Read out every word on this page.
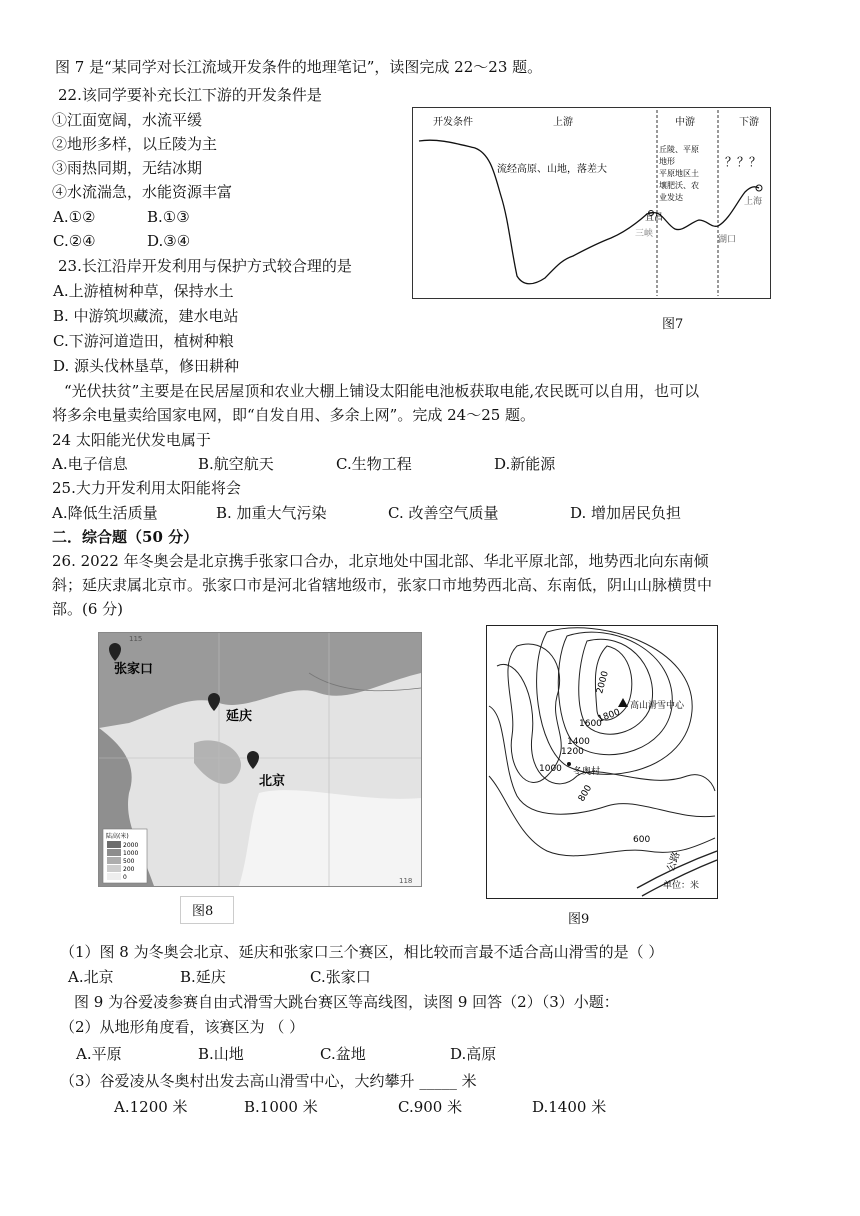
图 7 是“某同学对长江流域开发条件的地理笔记”，读图完成 22～23 题。
22.该同学要补充长江下游的开发条件是
①江面宽阔，水流平缓
②地形多样，以丘陵为主
③雨热同期，无结冰期
④水流湍急，水能资源丰富
A.①②	B.①③
C.②④	D.③④
23.长江沿岸开发利用与保护方式较合理的是
A.上游植树种草，保持水土
B. 中游筑坝藏流，建水电站
C.下游河道造田，植树种粮
D. 源头伐林垦草，修田耕种
开发条件	上游	中游	下游
流经高原、山地，落差大
丘陵、平原
地形
平原地区土
壤肥沃、农
业发达
？？？
宜昌
三峡
湖口
上海
图7
“光伏扶贫”主要是在民居屋顶和农业大棚上铺设太阳能电池板获取电能,农民既可以自用，也可以
将多余电量卖给国家电网，即“自发自用、多余上网”。完成 24～25 题。
24 太阳能光伏发电属于
A.电子信息	B.航空航天	C.生物工程	D.新能源
25.大力开发利用太阳能将会
A.降低生活质量	B. 加重大气污染	C. 改善空气质量	D. 增加居民负担
二．综合题（50 分）
26. 2022 年冬奥会是北京携手张家口合办，北京地处中国北部、华北平原北部，地势西北向东南倾
斜；延庆隶属北京市。张家口市是河北省辖地级市，张家口市地势西北高、东南低，阴山山脉横贯中
部。(6 分)
张家口
延庆
北京
115
118
陆高(米)
2000
1000
500
200
0
图8
高山滑雪中心
冬奥村
2000
1800
1600
1400
1200
1000
800
600
公路
单位：米
图9
（1）图 8 为冬奥会北京、延庆和张家口三个赛区，相比较而言最不适合高山滑雪的是（ ）
A.北京	B.延庆	C.张家口
图 9 为谷爱凌参赛自由式滑雪大跳台赛区等高线图，读图 9 回答（2）（3）小题：
（2）从地形角度看，该赛区为 （ ）
A.平原	B.山地	C.盆地	D.高原
（3）谷爱凌从冬奥村出发去高山滑雪中心，大约攀升 _____ 米
A.1200 米	B.1000 米	C.900 米	D.1400 米
